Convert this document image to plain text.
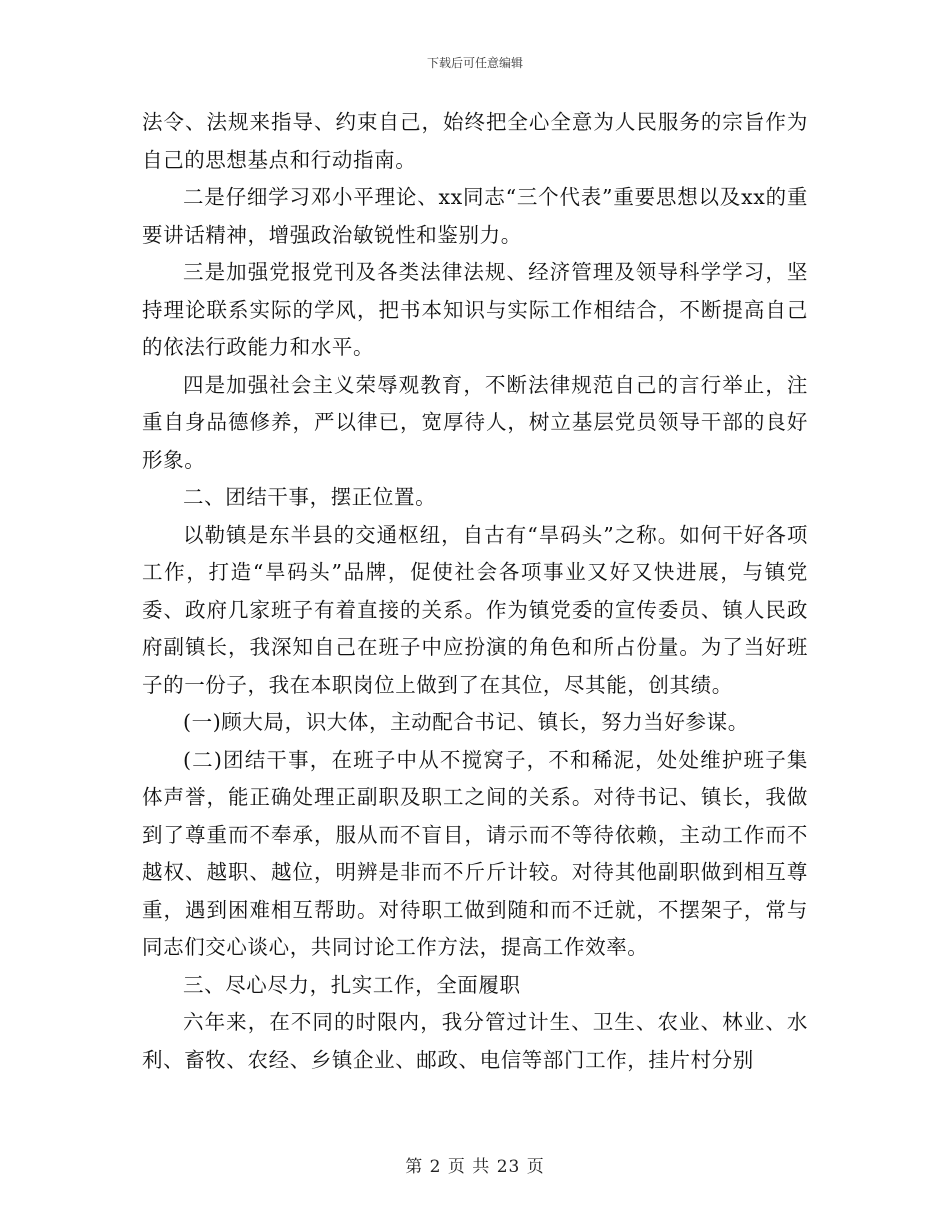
下载后可任意编辑

法令、法规来指导、约束自己，始终把全心全意为人民服务的宗旨作为自己的思想基点和行动指南。

二是仔细学习邓小平理论、xx同志“三个代表”重要思想以及xx的重要讲话精神，增强政治敏锐性和鉴别力。

三是加强党报党刊及各类法律法规、经济管理及领导科学学习，坚持理论联系实际的学风，把书本知识与实际工作相结合，不断提高自己的依法行政能力和水平。

四是加强社会主义荣辱观教育，不断法律规范自己的言行举止，注重自身品德修养，严以律已，宽厚待人，树立基层党员领导干部的良好形象。

二、团结干事，摆正位置。

以勒镇是东半县的交通枢纽，自古有“旱码头”之称。如何干好各项工作，打造“旱码头”品牌，促使社会各项事业又好又快进展，与镇党委、政府几家班子有着直接的关系。作为镇党委的宣传委员、镇人民政府副镇长，我深知自己在班子中应扮演的角色和所占份量。为了当好班子的一份子，我在本职岗位上做到了在其位，尽其能，创其绩。

(一)顾大局，识大体，主动配合书记、镇长，努力当好参谋。

(二)团结干事，在班子中从不搅窝子，不和稀泥，处处维护班子集体声誉，能正确处理正副职及职工之间的关系。对待书记、镇长，我做到了尊重而不奉承，服从而不盲目，请示而不等待依赖，主动工作而不越权、越职、越位，明辨是非而不斤斤计较。对待其他副职做到相互尊重，遇到困难相互帮助。对待职工做到随和而不迁就，不摆架子，常与同志们交心谈心，共同讨论工作方法，提高工作效率。

三、尽心尽力，扎实工作，全面履职

六年来，在不同的时限内，我分管过计生、卫生、农业、林业、水利、畜牧、农经、乡镇企业、邮政、电信等部门工作，挂片村分别

第 2 页 共 23 页
